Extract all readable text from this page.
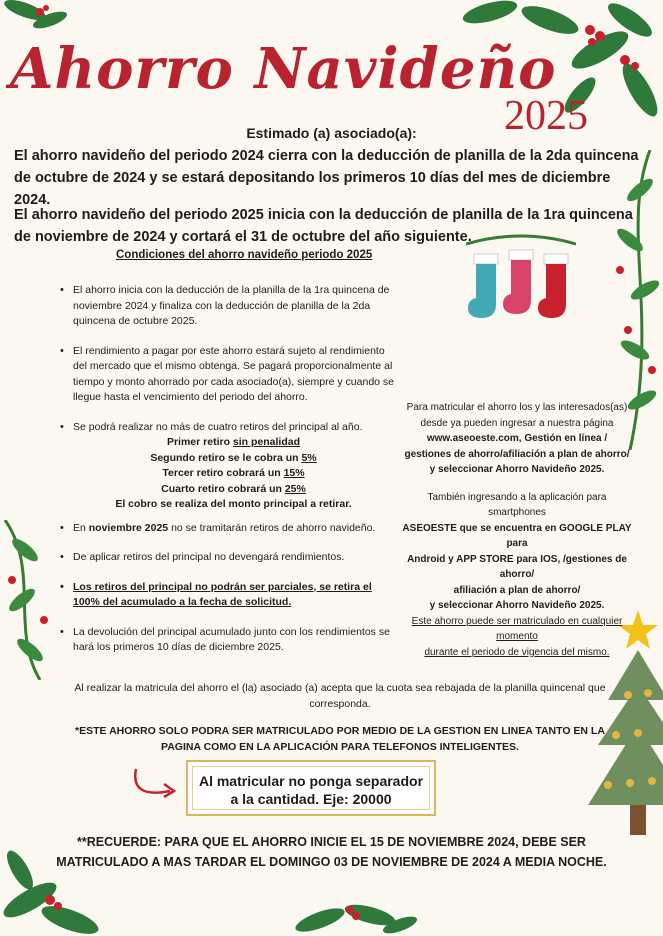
Ahorro Navideño
2025
Estimado (a) asociado(a):
El ahorro navideño del periodo 2024 cierra con la deducción de planilla de la 2da quincena de octubre de 2024 y se estará depositando los primeros 10 días del mes de diciembre 2024.
El ahorro navideño del periodo 2025 inicia con la deducción de planilla de la 1ra quincena de noviembre de 2024 y cortará el 31 de octubre del año siguiente.
Condiciones del ahorro navideño periodo 2025
• El ahorro inicia con la deducción de la planilla de la 1ra quincena de noviembre 2024 y finaliza con la deducción de planilla de la 2da quincena de octubre 2025.
• El rendimiento a pagar por este ahorro estará sujeto al rendimiento del mercado que el mismo obtenga. Se pagará proporcionalmente al tiempo y monto ahorrado por cada asociado(a), siempre y cuando se llegue hasta el vencimiento del periodo del ahorro.
• Se podrá realizar no más de cuatro retiros del principal al año.
Primer retiro sin penalidad
Segundo retiro se le cobra un 5%
Tercer retiro cobrará un 15%
Cuarto retiro cobrará un 25%
El cobro se realiza del monto principal a retirar.
• En noviembre 2025 no se tramitarán retiros de ahorro navideño.
• De aplicar retiros del principal no devengará rendimientos.
• Los retiros del principal no podrán ser parciales, se retira el 100% del acumulado a la fecha de solicitud.
• La devolución del principal acumulado junto con los rendimientos se hará los primeros 10 días de diciembre 2025.

Para matricular el ahorro los y las interesados(as)
desde ya pueden ingresar a nuestra página
www.aseoeste.com, Gestión en línea /
gestiones de ahorro/afiliación a plan de ahorro/
y seleccionar Ahorro Navideño 2025.

También ingresando a la aplicación para smartphones
ASEOESTE que se encuentra en GOOGLE PLAY para
Android y APP STORE para IOS, /gestiones de ahorro/
afiliación a plan de ahorro/
y seleccionar Ahorro Navideño 2025.
Este ahorro puede ser matriculado en cualquier momento
durante el periodo de vigencia del mismo.

Al realizar la matricula del ahorro el (la) asociado (a) acepta que la cuota sea rebajada de la planilla quincenal que corresponda.
*ESTE AHORRO SOLO PODRA SER MATRICULADO POR MEDIO DE LA GESTION EN LINEA TANTO EN LA PAGINA COMO EN LA APLICACIÓN PARA TELEFONOS INTELIGENTES.
Al matricular no ponga separador
a la cantidad. Eje: 20000
**RECUERDE: PARA QUE EL AHORRO INICIE EL 15 DE NOVIEMBRE 2024, DEBE SER MATRICULADO A MAS TARDAR EL DOMINGO 03 DE NOVIEMBRE DE 2024 A MEDIA NOCHE.
